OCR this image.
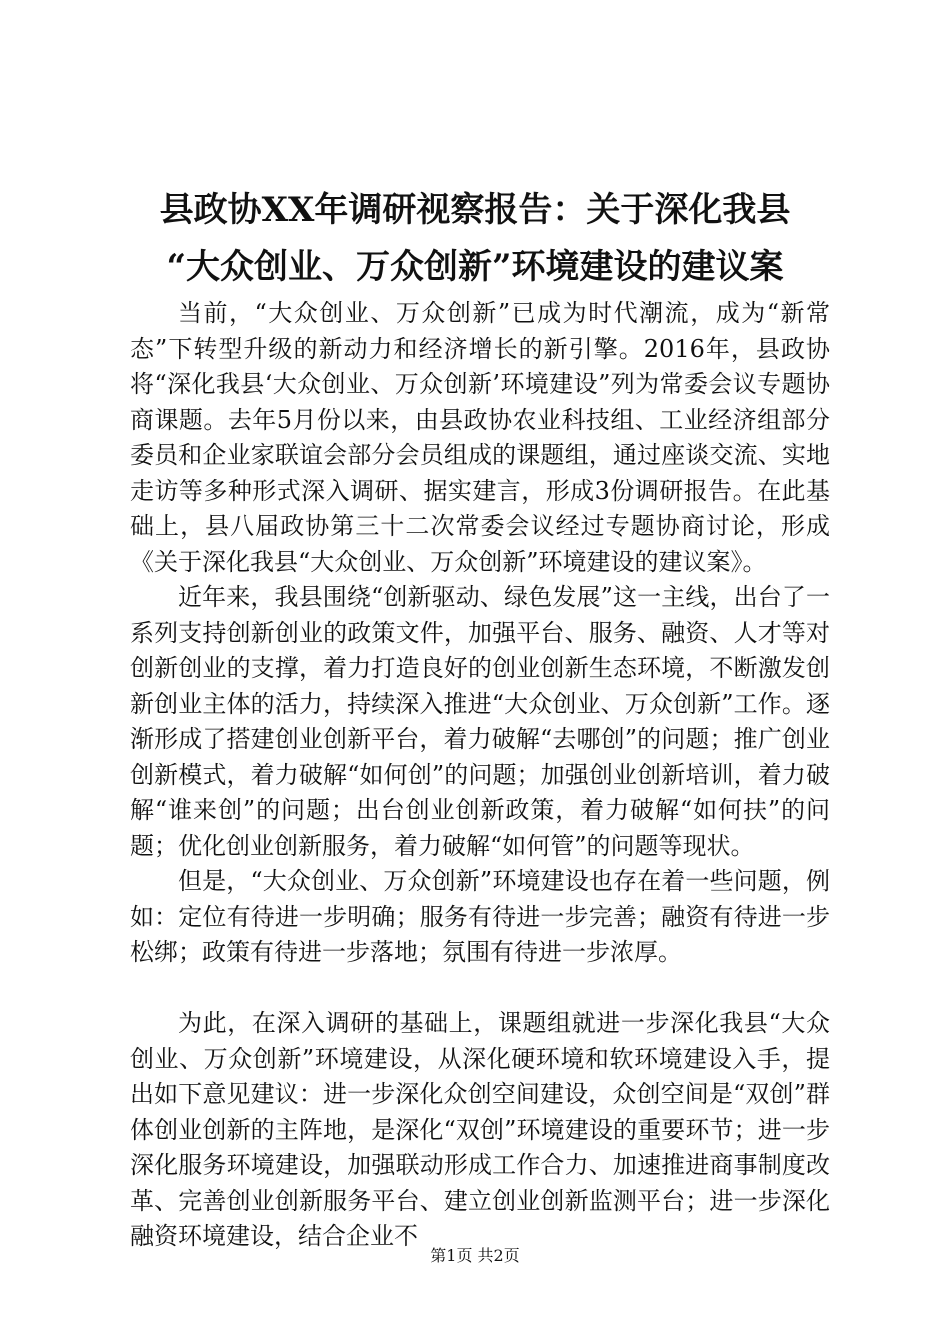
县政协XX年调研视察报告：关于深化我县
“大众创业、万众创新”环境建设的建议案

当前，“大众创业、万众创新”已成为时代潮流，成为“新常态”下转型升级的新动力和经济增长的新引擎。2016年，县政协将“深化我县‘大众创业、万众创新’环境建设”列为常委会议专题协商课题。去年5月份以来，由县政协农业科技组、工业经济组部分委员和企业家联谊会部分会员组成的课题组，通过座谈交流、实地走访等多种形式深入调研、据实建言，形成3份调研报告。在此基础上，县八届政协第三十二次常委会议经过专题协商讨论，形成《关于深化我县“大众创业、万众创新”环境建设的建议案》。

近年来，我县围绕“创新驱动、绿色发展”这一主线，出台了一系列支持创新创业的政策文件，加强平台、服务、融资、人才等对创新创业的支撑，着力打造良好的创业创新生态环境，不断激发创新创业主体的活力，持续深入推进“大众创业、万众创新”工作。逐渐形成了搭建创业创新平台，着力破解“去哪创”的问题；推广创业创新模式，着力破解“如何创”的问题；加强创业创新培训，着力破解“谁来创”的问题；出台创业创新政策，着力破解“如何扶”的问题；优化创业创新服务，着力破解“如何管”的问题等现状。

但是，“大众创业、万众创新”环境建设也存在着一些问题，例如：定位有待进一步明确；服务有待进一步完善；融资有待进一步松绑；政策有待进一步落地；氛围有待进一步浓厚。

为此，在深入调研的基础上，课题组就进一步深化我县“大众创业、万众创新”环境建设，从深化硬环境和软环境建设入手，提出如下意见建议：进一步深化众创空间建设，众创空间是“双创”群体创业创新的主阵地，是深化“双创”环境建设的重要环节；进一步深化服务环境建设，加强联动形成工作合力、加速推进商事制度改革、完善创业创新服务平台、建立创业创新监测平台；进一步深化融资环境建设，结合企业不

第1页 共2页
